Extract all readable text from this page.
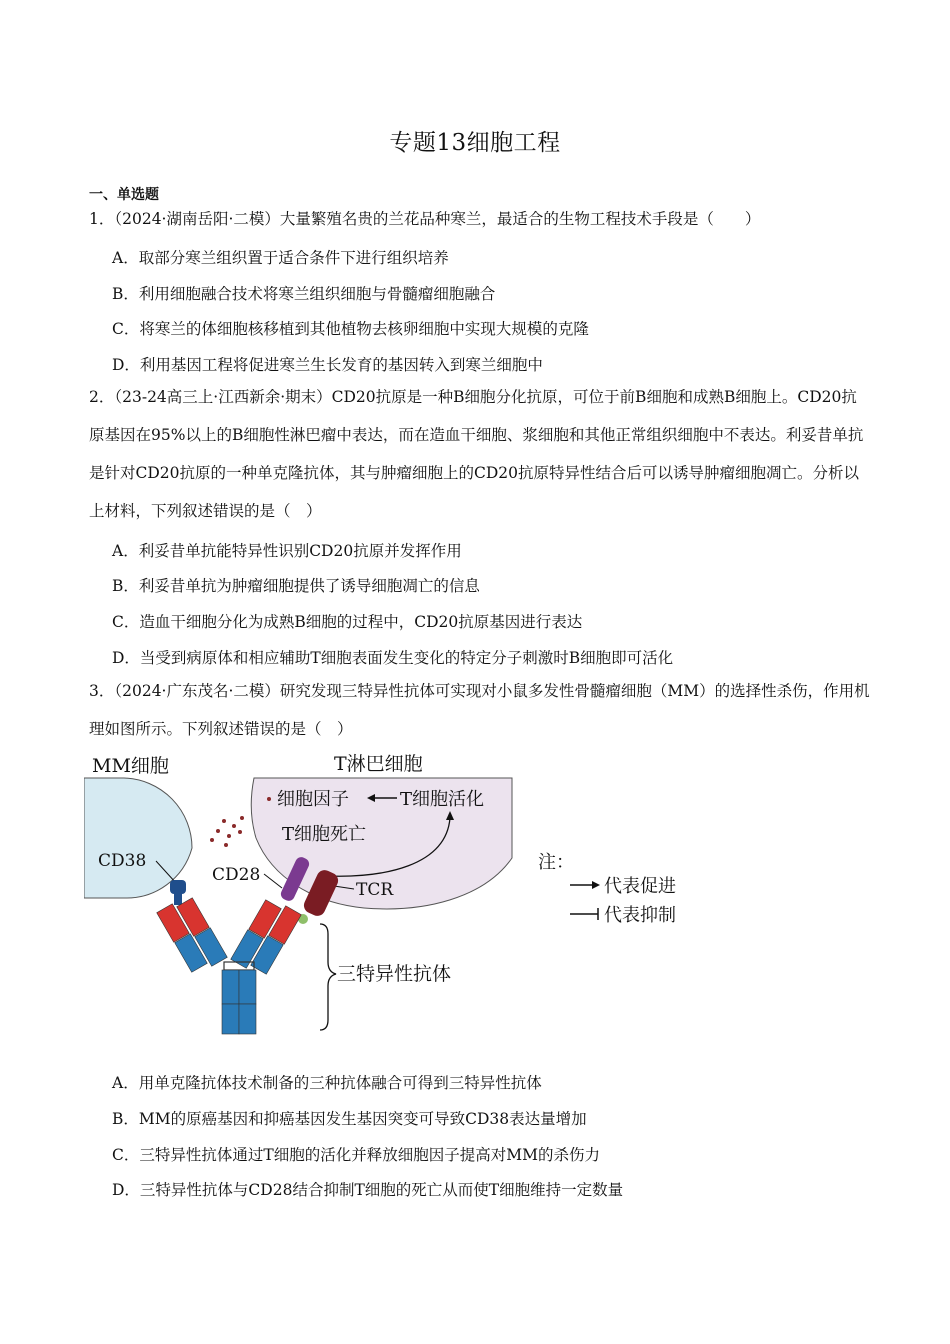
专题13细胞工程
一、单选题
1．（2024·湖南岳阳·二模）大量繁殖名贵的兰花品种寒兰，最适合的生物工程技术手段是（　　）
A．取部分寒兰组织置于适合条件下进行组织培养
B．利用细胞融合技术将寒兰组织细胞与骨髓瘤细胞融合
C．将寒兰的体细胞核移植到其他植物去核卵细胞中实现大规模的克隆
D．利用基因工程将促进寒兰生长发育的基因转入到寒兰细胞中
2．（23-24高三上·江西新余·期末）CD20抗原是一种B细胞分化抗原，可位于前B细胞和成熟B细胞上。CD20抗原基因在95%以上的B细胞性淋巴瘤中表达，而在造血干细胞、浆细胞和其他正常组织细胞中不表达。利妥昔单抗是针对CD20抗原的一种单克隆抗体，其与肿瘤细胞上的CD20抗原特异性结合后可以诱导肿瘤细胞凋亡。分析以上材料，下列叙述错误的是（　）
A．利妥昔单抗能特异性识别CD20抗原并发挥作用
B．利妥昔单抗为肿瘤细胞提供了诱导细胞凋亡的信息
C．造血干细胞分化为成熟B细胞的过程中，CD20抗原基因进行表达
D．当受到病原体和相应辅助T细胞表面发生变化的特定分子刺激时B细胞即可活化
3．（2024·广东茂名·二模）研究发现三特异性抗体可实现对小鼠多发性骨髓瘤细胞（MM）的选择性杀伤，作用机理如图所示。下列叙述错误的是（　）
MM细胞	T淋巴细胞
细胞因子	T细胞活化
T细胞死亡
CD38
CD28
TCR
三特异性抗体
注：
代表促进
代表抑制
A．用单克隆抗体技术制备的三种抗体融合可得到三特异性抗体
B．MM的原癌基因和抑癌基因发生基因突变可导致CD38表达量增加
C．三特异性抗体通过T细胞的活化并释放细胞因子提高对MM的杀伤力
D．三特异性抗体与CD28结合抑制T细胞的死亡从而使T细胞维持一定数量
